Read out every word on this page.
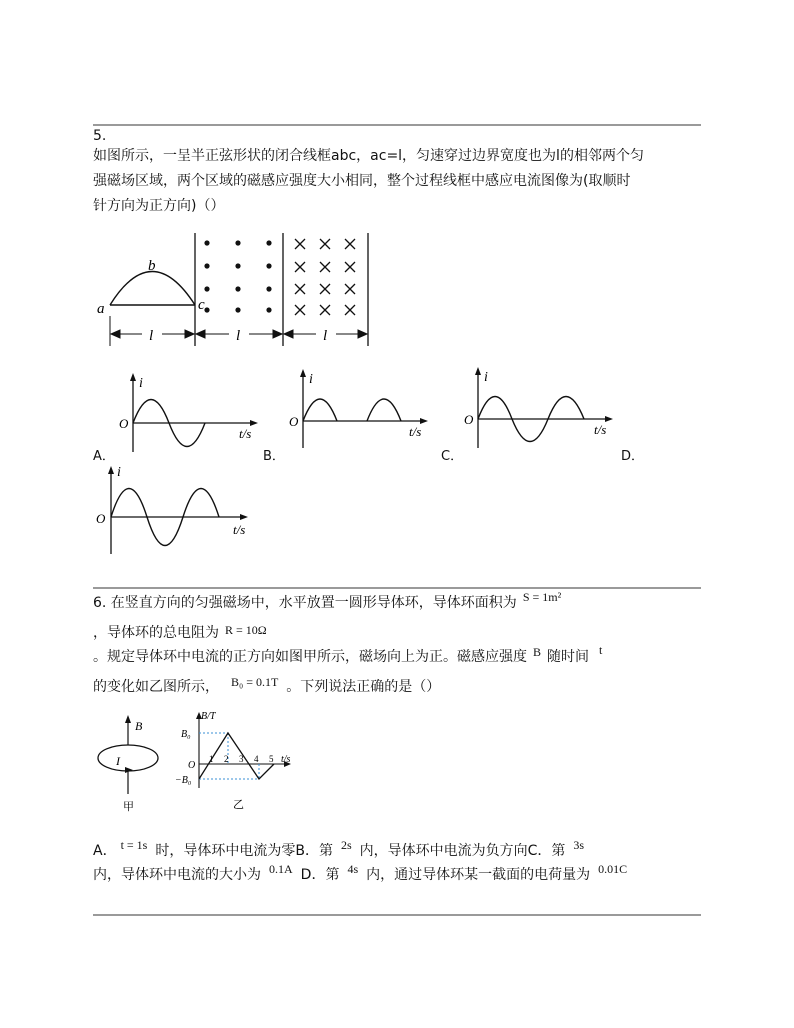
5.
如图所示，一呈半正弦形状的闭合线框abc，ac=l，匀速穿过边界宽度也为l的相邻两个匀
强磁场区域，两个区域的磁感应强度大小相同，整个过程线框中感应电流图像为(取顺时
针方向为正方向)（）
b
a	c
l	l	l
i
O
t/s
A．
i
O
t/s
B．
i
O
t/s
C．	D．
i
O
t/s
6. 在竖直方向的匀强磁场中，水平放置一圆形导体环，导体环面积为 S = 1m²
，导体环的总电阻为 R = 10Ω
。规定导体环中电流的正方向如图甲所示，磁场向上为正。磁感应强度 B 随时间 t
的变化如乙图所示， B₀ = 0.1T 。下列说法正确的是（）
B
I
甲
B/T
B₀
−B₀
O
1 2 3 4 5 t/s
乙
A． t = 1s 时，导体环中电流为零B．第 2s 内，导体环中电流为负方向C．第 3s
内，导体环中电流的大小为 0.1A D．第 4s 内，通过导体环某一截面的电荷量为 0.01C
